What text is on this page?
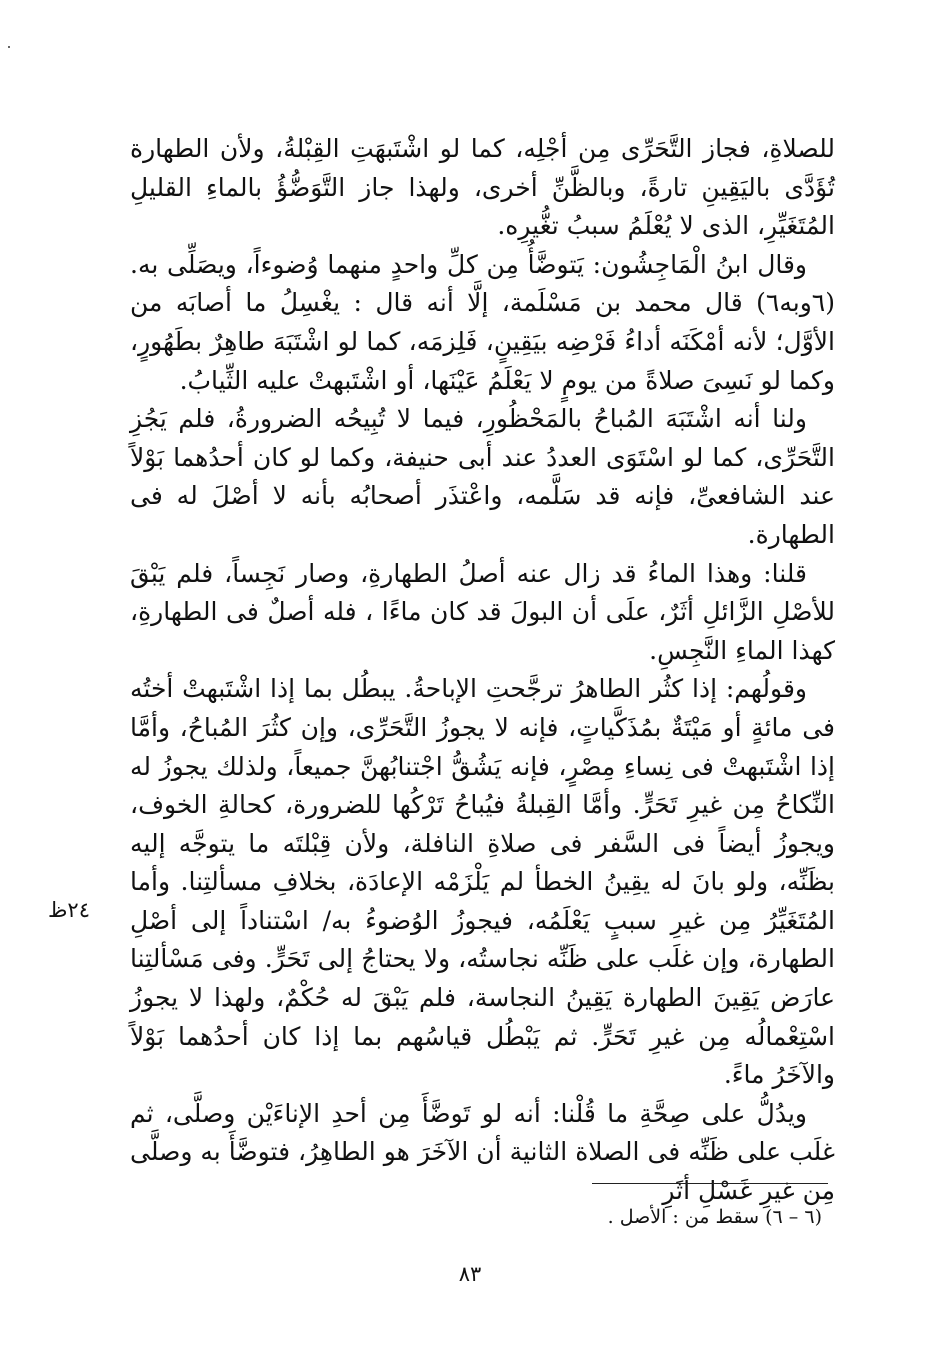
للصلاةِ، فجاز التَّحَرِّى مِن أجْلِه، كما لو اشْتَبهَتِ القِبْلةُ، ولأن الطهارة تُؤَدَّى باليَقِينِ تارةً، وبالظَّنِّ أخرى، ولهذا جاز التَّوَضُّؤُ بالماءِ القليلِ المُتَغَيِّرِ، الذى لا يُعْلَمُ سببُ تغُّيرِه.

وقال ابنُ الْمَاجِشُون: يَتوضَّأُ مِن كلِّ واحدٍ منهما وُضوءاً، ويصَلِّى به. (٦وبه٦) قال محمد بن مَسْلَمة، إلَّا أنه قال : يغْسِلُ ما أصابَه من الأوَّل؛ لأنه أمْكَنَه أداءُ فَرْضِه بيَقِينٍ، فَلِزمَه، كما لو اشْتَبَهَ طاهِرٌ بطَهُورٍ، وكما لو نَسِىَ صلاةً من يومٍ لا يَعْلَمُ عَيْنَها، أو اشْتَبهتْ عليه الثِّيابُ.

ولنا أنه اشْتَبَهَ المُباحُ بالمَحْظُورِ، فيما لا تُبِيحُه الضرورةُ، فلم يَجُزِ التَّحَرِّى، كما لو اسْتَوَى العددُ عند أبى حنيفة، وكما لو كان أحدُهما بَوْلاً عند الشافعىِّ، فإنه قد سَلَّمه، واعْتذَر أصحابُه بأنه لا أصْلَ له فى الطهارة.

قلنا: وهذا الماءُ قد زال عنه أصلُ الطهارةِ، وصار نَجِساً، فلم يَبْقَ للأصْلِ الزَّائلِ أثَرٌ، علَى أن البولَ قد كان ماءًا ، فله أصلٌ فى الطهارةِ، كهذا الماءِ النَّجِسِ.

وقولُهم: إذا كثُر الطاهرُ ترجَّحتِ الإباحةُ. يبطُل بما إذا اشْتَبهتْ أختُه فى مائةٍ أو مَيْتَةٌ بمُذَكَّياتٍ، فإنه لا يجوزُ التَّحَرِّى، وإن كثُرَ المُباحُ، وأمَّا إذا اشْتَبهتْ فى نِساءِ مِصْرٍ، فإنه يَشُقُّ اجْتنابُهنَّ جميعاً، ولذلك يجوزُ له النِّكاحُ مِن غيرِ تَحَرٍّ. وأمَّا القِبلةُ فيُباحُ تَرْكُها للضرورة، كحالةِ الخوف، ويجوزُ أيضاً فى السَّفر فى صلاةِ النافلة، ولأن قِبْلتَه ما يتوجَّه إليه بظَنِّه، ولو بانَ له يقِينُ الخطأ لم يَلْزَمْه الإعادَة، بخلافِ مسألتِنا. وأما المُتَغَيِّرُ مِن غيرِ سببٍ يَعْلَمُه، فيجوزُ الوُضوءُ به/ اسْتناداً إلى أصْلِ الطهارة، وإن غلَب على ظَنِّه نجاستُه، ولا يحتاجُ إلى تَحَرٍّ. وفى مَسْألتِنا عارَض يَقِينَ الطهارة يَقِينُ النجاسة، فلم يَبْقَ له حُكْمٌ، ولهذا لا يجوزُ اسْتِعْمالُه مِن غيرِ تَحَرٍّ. ثم يَبْطُل قياسُهم بما إذا كان أحدُهما بَوْلاً والآخَرُ ماءً.

ويدُلُّ على صِحَّةِ ما قُلْنا: أنه لو تَوضَّأَ مِن أحدِ الإناءَيْن وصلَّى، ثم غلَب على ظَنِّه فى الصلاة الثانية أن الآخَرَ هو الطاهِرُ، فتوضَّأَ به وصلَّى مِن غيرِ غَسْلِ أثَرِ

٢٤ظ
(٦ – ٦) سقط من : الأصل .
٨٣
